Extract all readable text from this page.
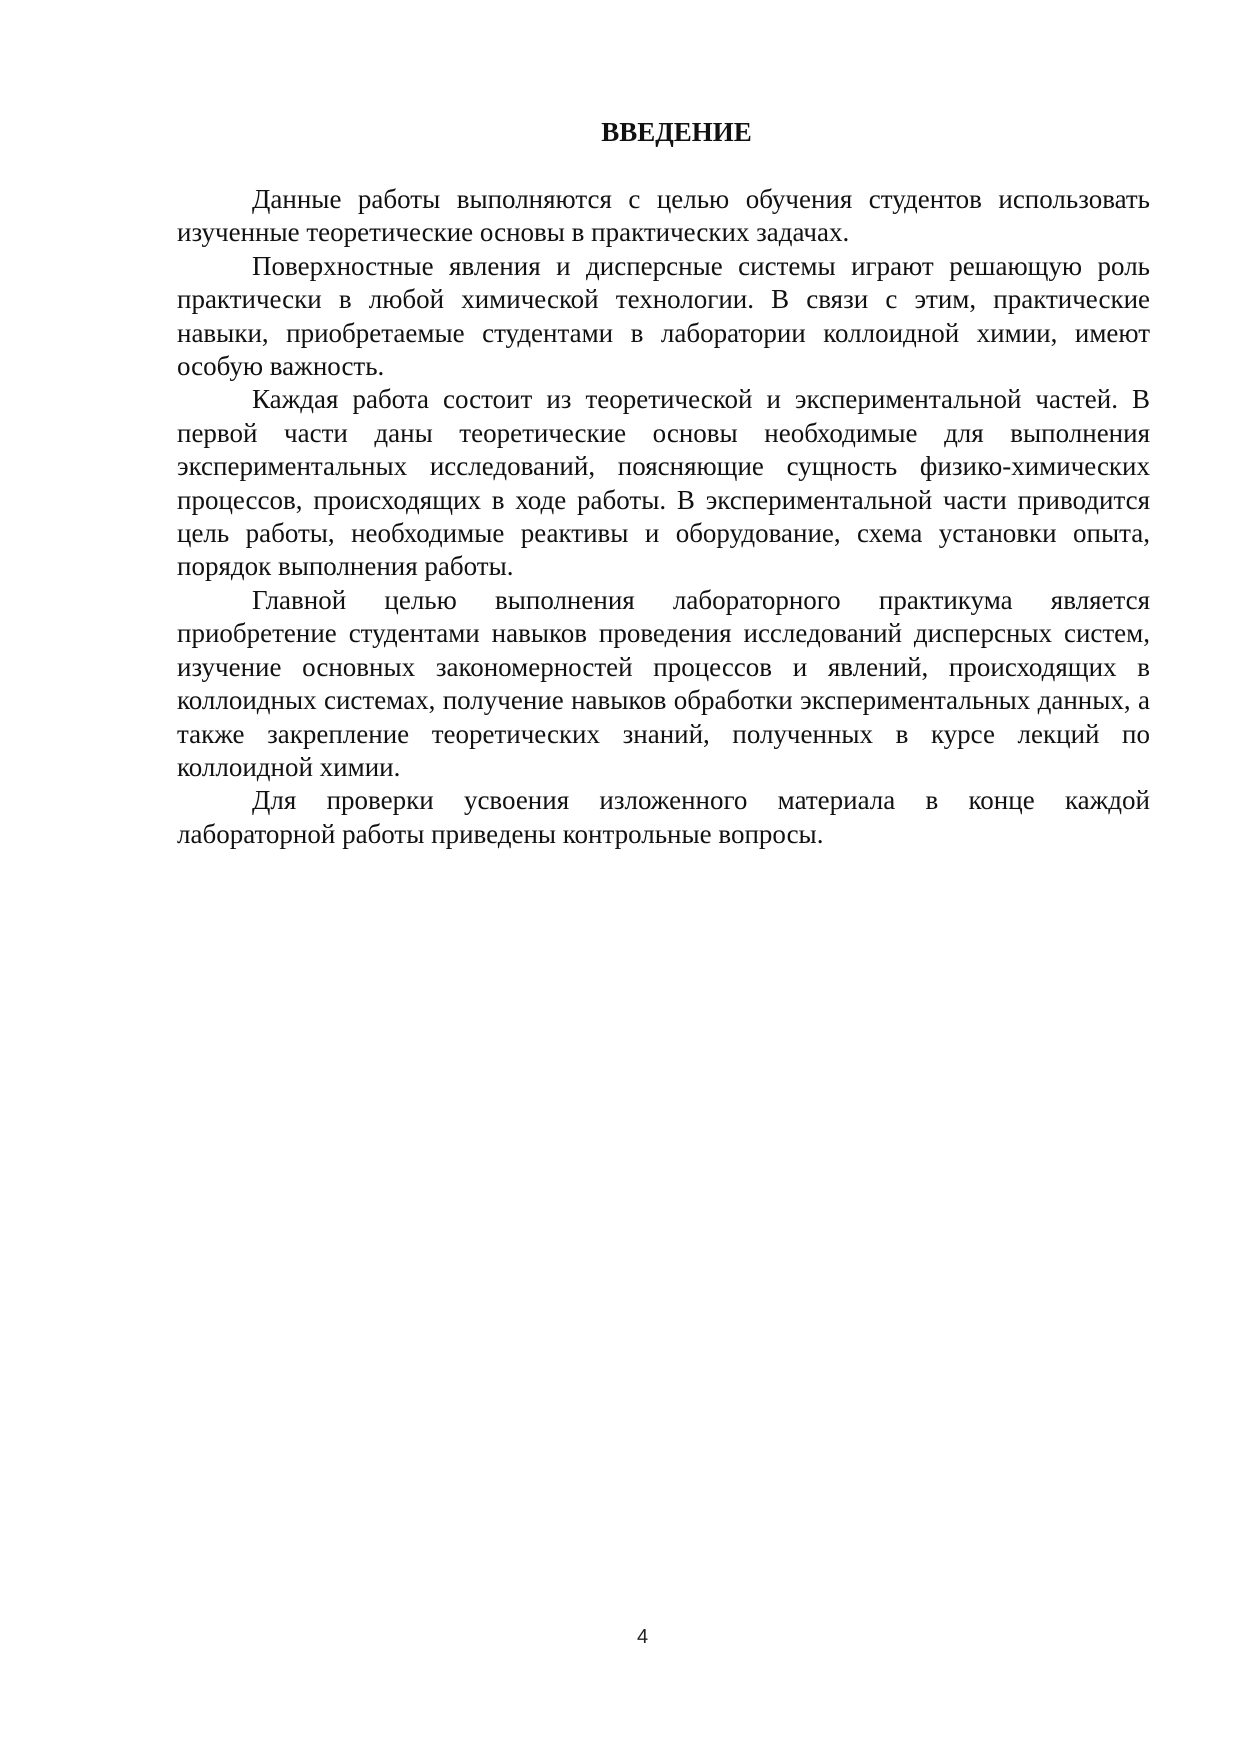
ВВЕДЕНИЕ

Данные работы выполняются с целью обучения студентов использовать изученные теоретические основы в практических задачах.

Поверхностные явления и дисперсные системы играют решающую роль практически в любой химической технологии. В связи с этим, практические навыки, приобретаемые студентами в лаборатории коллоидной химии, имеют особую важность.

Каждая работа состоит из теоретической и экспериментальной частей. В первой части даны теоретические основы необходимые для выполнения экспериментальных исследований, поясняющие сущность физико-химических процессов, происходящих в ходе работы. В экспериментальной части приводится цель работы, необходимые реактивы и оборудование, схема установки опыта, порядок выполнения работы.

Главной целью выполнения лабораторного практикума является приобретение студентами навыков проведения исследований дисперсных систем, изучение основных закономерностей процессов и явлений, происходящих в коллоидных системах, получение навыков обработки экспериментальных данных, а также закрепление теоретических знаний, полученных в курсе лекций по коллоидной химии.

Для проверки усвоения изложенного материала в конце каждой лабораторной работы приведены контрольные вопросы.

4
